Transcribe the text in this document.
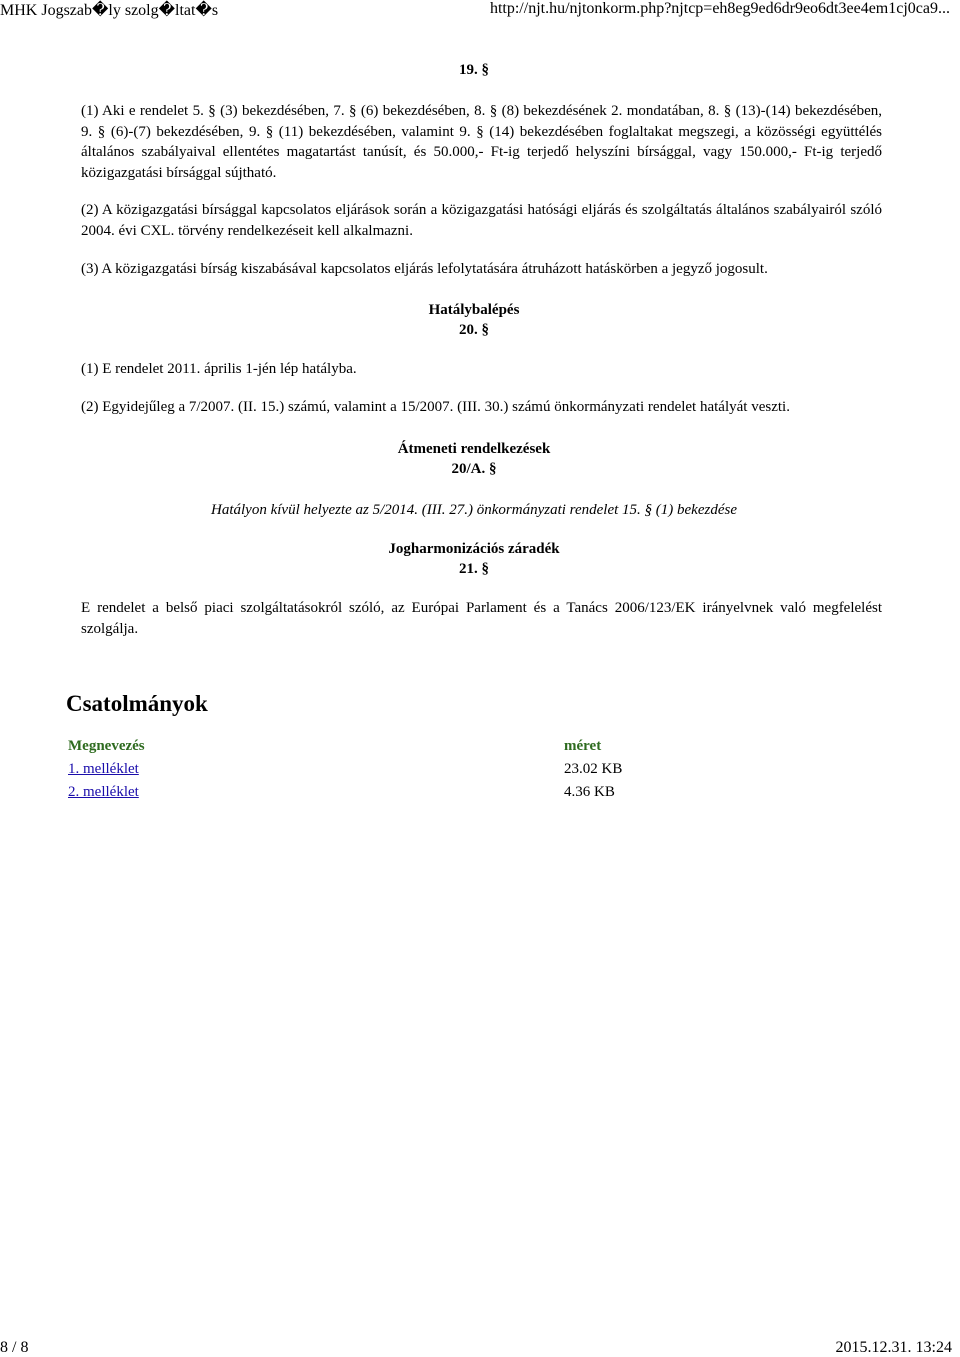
MHK Jogszab�ly szolg�ltat�s	http://njt.hu/njtonkorm.php?njtcp=eh8eg9ed6dr9eo6dt3ee4em1cj0ca9...

19. §

(1) Aki e rendelet 5. § (3) bekezdésében, 7. § (6) bekezdésében, 8. § (8) bekezdésének 2. mondatában, 8. § (13)-(14) bekezdésében, 9. § (6)-(7) bekezdésében, 9. § (11) bekezdésében, valamint 9. § (14) bekezdésében foglaltakat megszegi, a közösségi együttélés általános szabályaival ellentétes magatartást tanúsít, és 50.000,- Ft-ig terjedő helyszíni bírsággal, vagy 150.000,- Ft-ig terjedő közigazgatási bírsággal sújtható.

(2) A közigazgatási bírsággal kapcsolatos eljárások során a közigazgatási hatósági eljárás és szolgáltatás általános szabályairól szóló 2004. évi CXL. törvény rendelkezéseit kell alkalmazni.

(3) A közigazgatási bírság kiszabásával kapcsolatos eljárás lefolytatására átruházott hatáskörben a jegyző jogosult.

Hatálybalépés

20. §

(1) E rendelet 2011. április 1-jén lép hatályba.

(2) Egyidejűleg a 7/2007. (II. 15.) számú, valamint a 15/2007. (III. 30.) számú önkormányzati rendelet hatályát veszti.

Átmeneti rendelkezések

20/A. §

Hatályon kívül helyezte az 5/2014. (III. 27.) önkormányzati rendelet 15. § (1) bekezdése

Jogharmonizációs záradék

21. §

E rendelet a belső piaci szolgáltatásokról szóló, az Európai Parlament és a Tanács 2006/123/EK irányelvnek való megfelelést szolgálja.

Csatolmányok
Megnevezés	méret
1. melléklet	23.02 KB
2. melléklet	4.36 KB
8 / 8	2015.12.31. 13:24
